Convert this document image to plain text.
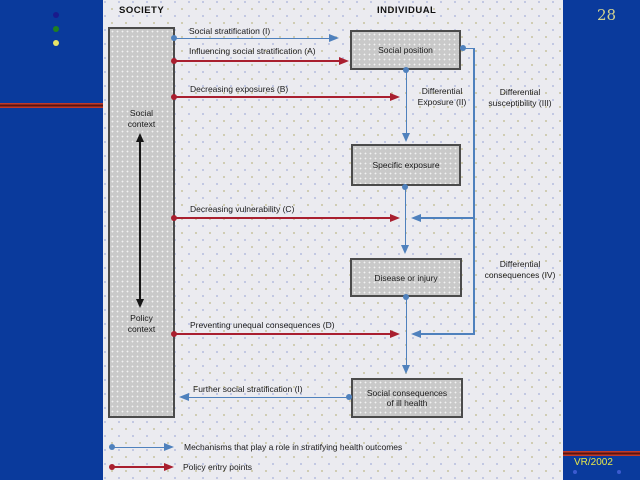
28
VR/2002
SOCIETY	INDIVIDUAL
Social
context
Policy
context
Social position
Specific exposure
Disease or injury
Social consequences
of ill health
Social stratification (I)
Further social stratification (I)
Influencing social stratification (A)
Decreasing exposures (B)
Decreasing vulnerability (C)
Preventing unequal consequences (D)
Differential
Exposure (II)
Differential
susceptibility (III)
Differential
consequences (IV)
Mechanisms that play a role in stratifying health outcomes
Policy entry points
